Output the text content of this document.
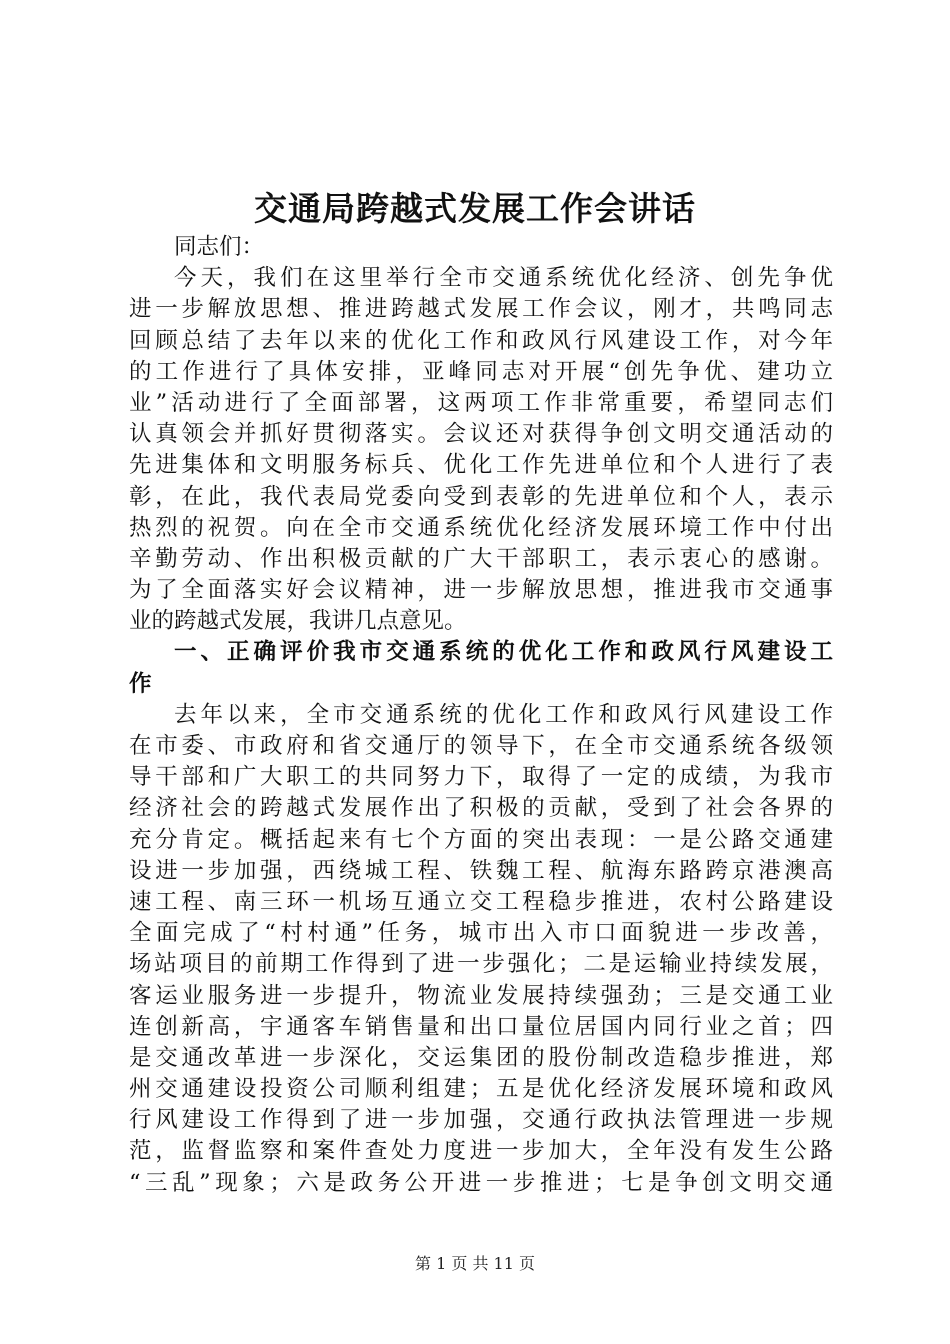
交通局跨越式发展工作会讲话
同志们：
今天，我们在这里举行全市交通系统优化经济、创先争优
进一步解放思想、推进跨越式发展工作会议，刚才，共鸣同志
回顾总结了去年以来的优化工作和政风行风建设工作，对今年
的工作进行了具体安排，亚峰同志对开展“创先争优、建功立
业”活动进行了全面部署，这两项工作非常重要，希望同志们
认真领会并抓好贯彻落实。会议还对获得争创文明交通活动的
先进集体和文明服务标兵、优化工作先进单位和个人进行了表
彰，在此，我代表局党委向受到表彰的先进单位和个人，表示
热烈的祝贺。向在全市交通系统优化经济发展环境工作中付出
辛勤劳动、作出积极贡献的广大干部职工，表示衷心的感谢。
为了全面落实好会议精神，进一步解放思想，推进我市交通事
业的跨越式发展，我讲几点意见。
一、正确评价我市交通系统的优化工作和政风行风建设工
作
去年以来，全市交通系统的优化工作和政风行风建设工作
在市委、市政府和省交通厅的领导下，在全市交通系统各级领
导干部和广大职工的共同努力下，取得了一定的成绩，为我市
经济社会的跨越式发展作出了积极的贡献，受到了社会各界的
充分肯定。概括起来有七个方面的突出表现：一是公路交通建
设进一步加强，西绕城工程、铁魏工程、航海东路跨京港澳高
速工程、南三环一机场互通立交工程稳步推进，农村公路建设
全面完成了“村村通”任务，城市出入市口面貌进一步改善，
场站项目的前期工作得到了进一步强化；二是运输业持续发展，
客运业服务进一步提升，物流业发展持续强劲；三是交通工业
连创新高，宇通客车销售量和出口量位居国内同行业之首；四
是交通改革进一步深化，交运集团的股份制改造稳步推进，郑
州交通建设投资公司顺利组建；五是优化经济发展环境和政风
行风建设工作得到了进一步加强，交通行政执法管理进一步规
范，监督监察和案件查处力度进一步加大，全年没有发生公路
“三乱”现象；六是政务公开进一步推进；七是争创文明交通
第 1 页 共 11 页
